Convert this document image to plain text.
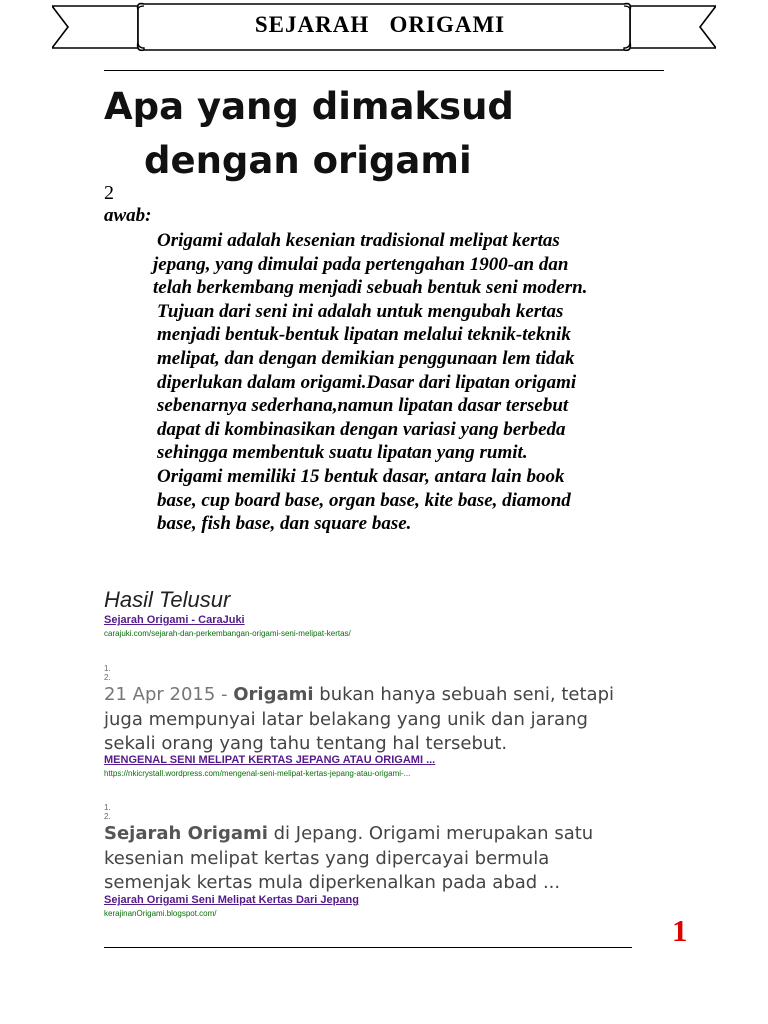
SEJARAH   ORIGAMI
Apa yang dimaksud
dengan origami
2
awab:
Origami adalah kesenian tradisional melipat kertas
jepang, yang dimulai pada pertengahan 1900-an dan
telah berkembang menjadi sebuah bentuk seni modern.
Tujuan dari seni ini adalah untuk mengubah kertas
menjadi bentuk-bentuk lipatan melalui teknik-teknik
melipat, dan dengan demikian penggunaan lem tidak
diperlukan dalam origami.Dasar dari lipatan origami
sebenarnya sederhana,namun lipatan dasar tersebut
dapat di kombinasikan dengan variasi yang berbeda
sehingga membentuk suatu lipatan yang rumit.
Origami memiliki 15 bentuk dasar, antara lain book
base, cup board base, organ base, kite base, diamond
base, fish base, dan square base.
Hasil Telusur
Sejarah Origami - CaraJuki
carajuki.com/sejarah-dan-perkembangan-origami-seni-melipat-kertas/
1.
2.
21 Apr 2015 - Origami bukan hanya sebuah seni, tetapi
juga mempunyai latar belakang yang unik dan jarang
sekali orang yang tahu tentang hal tersebut.
MENGENAL SENI MELIPAT KERTAS JEPANG ATAU ORIGAMI ...
https://nkicrystall.wordpress.com/mengenal-seni-melipat-kertas-jepang-atau-origami-...
1.
2.
Sejarah Origami di Jepang. Origami merupakan satu
kesenian melipat kertas yang dipercayai bermula
semenjak kertas mula diperkenalkan pada abad ...
Sejarah Origami Seni Melipat Kertas Dari Jepang
kerajinanOrigami.blogspot.com/	1
